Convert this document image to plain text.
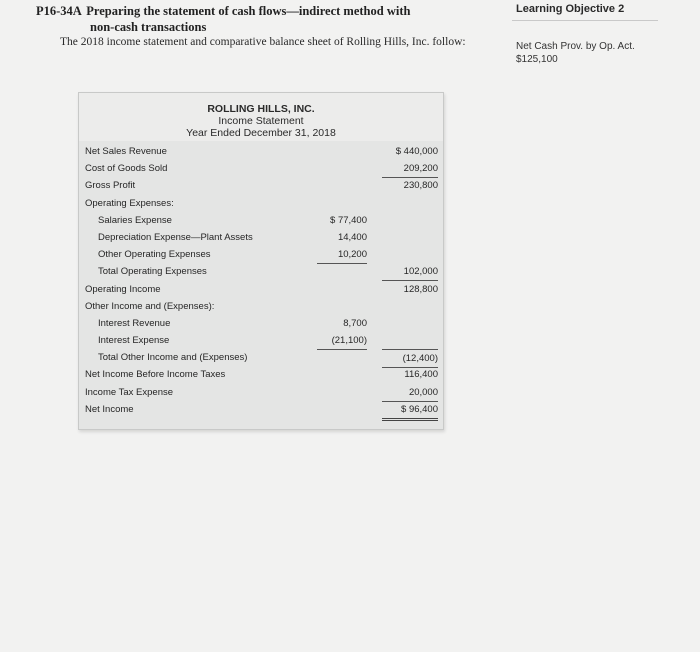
P16-34A Preparing the statement of cash flows—indirect method with
non-cash transactions
The 2018 income statement and comparative balance sheet of Rolling Hills, Inc. follow:
Learning Objective 2
Net Cash Prov. by Op. Act. $125,100
ROLLING HILLS, INC.
Income Statement
Year Ended December 31, 2018
Net Sales Revenue	$ 440,000
Cost of Goods Sold	209,200
Gross Profit	230,800
Operating Expenses:
Salaries Expense	$ 77,400
Depreciation Expense—Plant Assets	14,400
Other Operating Expenses	10,200
Total Operating Expenses	102,000
Operating Income	128,800
Other Income and (Expenses):
Interest Revenue	8,700
Interest Expense	(21,100)
Total Other Income and (Expenses)	(12,400)
Net Income Before Income Taxes	116,400
Income Tax Expense	20,000
Net Income	$ 96,400
